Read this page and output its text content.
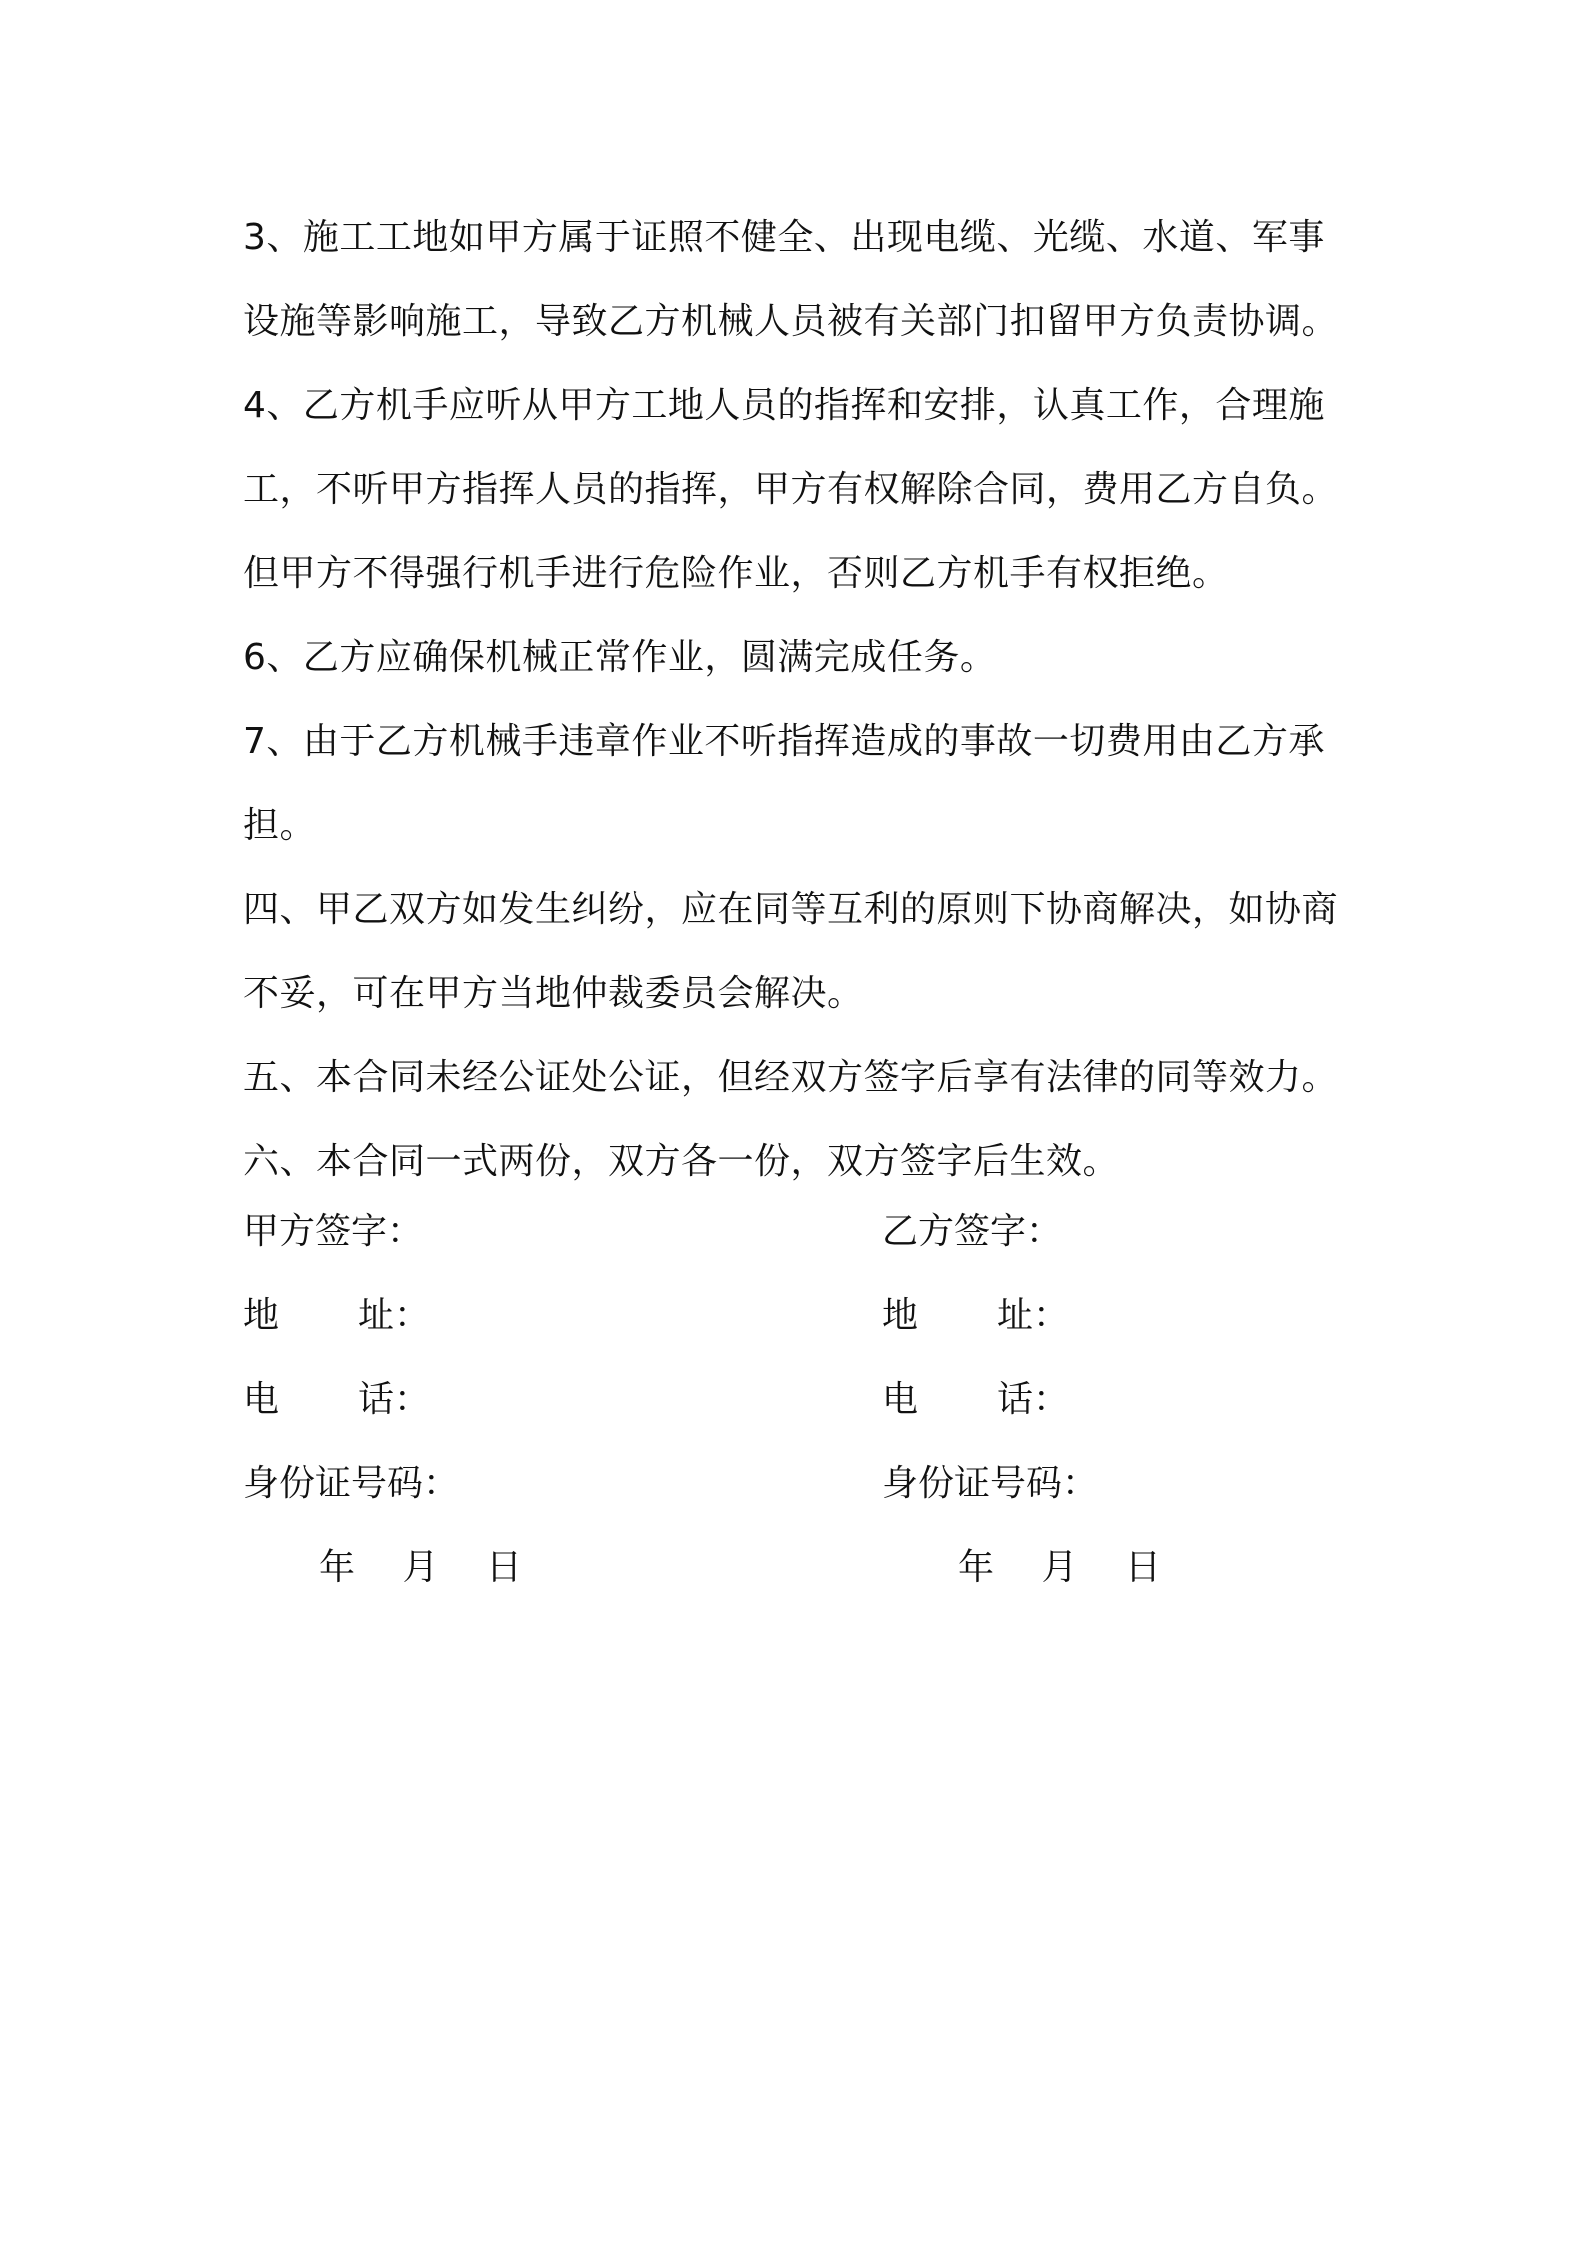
3、施工工地如甲方属于证照不健全、出现电缆、光缆、水道、军事
设施等影响施工，导致乙方机械人员被有关部门扣留甲方负责协调。
4、乙方机手应听从甲方工地人员的指挥和安排，认真工作，合理施
工，不听甲方指挥人员的指挥，甲方有权解除合同，费用乙方自负。
但甲方不得强行机手进行危险作业，否则乙方机手有权拒绝。
6、乙方应确保机械正常作业，圆满完成任务。
7、由于乙方机械手违章作业不听指挥造成的事故一切费用由乙方承
担。
四、甲乙双方如发生纠纷，应在同等互利的原则下协商解决，如协商
不妥，可在甲方当地仲裁委员会解决。
五、本合同未经公证处公证，但经双方签字后享有法律的同等效力。
六、本合同一式两份，双方各一份，双方签字后生效。
甲方签字：
地	址：
电	话：
身份证号码：
年 月 日
乙方签字：
地	址：
电	话：
身份证号码：
年 月 日
